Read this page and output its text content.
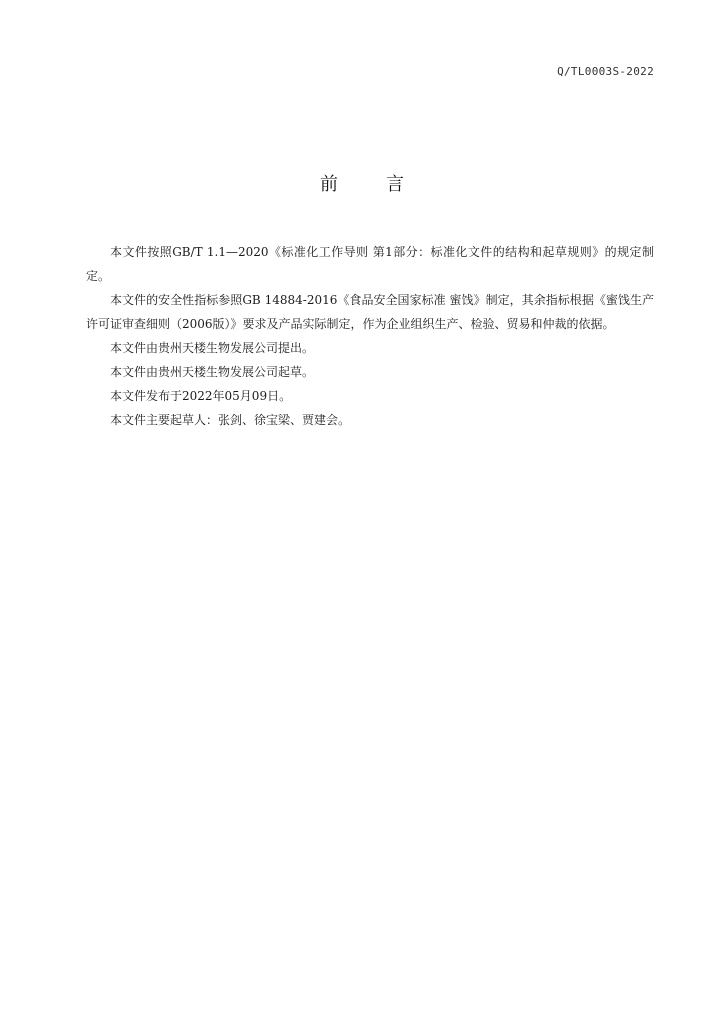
Q/TL0003S-2022
前言

本文件按照GB/T 1.1—2020《标准化工作导则 第1部分：标准化文件的结构和起草规则》的规定制定。

本文件的安全性指标参照GB 14884-2016《食品安全国家标准 蜜饯》制定，其余指标根据《蜜饯生产许可证审查细则（2006版）》要求及产品实际制定，作为企业组织生产、检验、贸易和仲裁的依据。

本文件由贵州天楼生物发展公司提出。

本文件由贵州天楼生物发展公司起草。

本文件发布于2022年05月09日。

本文件主要起草人：张剑、徐宝梁、贾建会。
